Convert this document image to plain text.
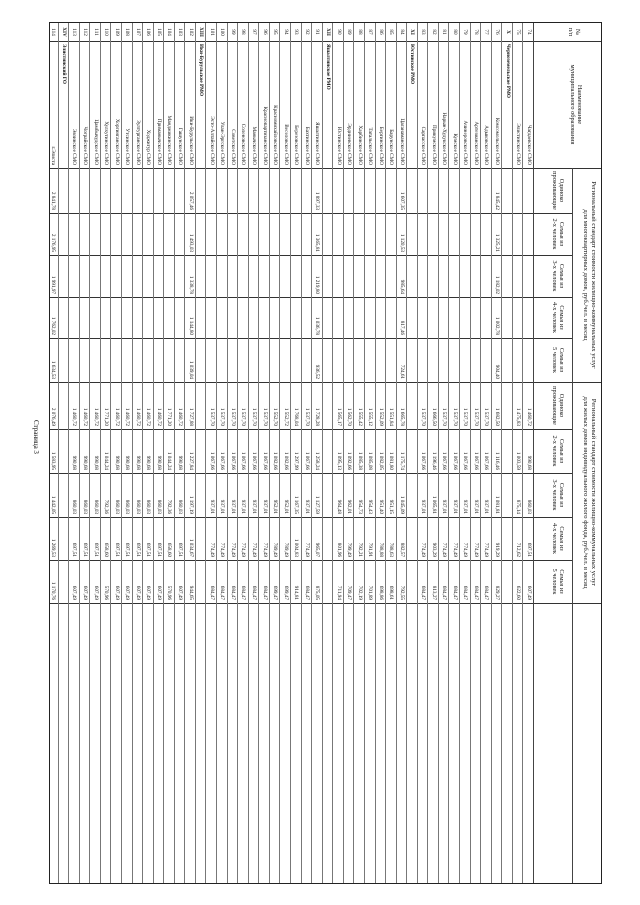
№
п/п
Наименование
муниципального образования
Региональный стандарт стоимости жилищно-коммунальных услуг
для многоквартирных домов, руб./чел. в месяц
Региональный стандарт стоимости жилищно-коммунальных услуг
для жилых домов индивидуального жилого фонда, руб./чел. в месяц
Одиноко
проживающие
Одиноко
проживающие
Семья из
2-х человек
Семья из
2-х человек
Семья из
3-х человек
Семья из
3-х человек
Семья из
4-х человек
Семья из
4-х человек
Семья из
5 человек
Семья из
5 человек
74
Чагдаевское СМО
1 460,72
990,68
860,03
697,51
607,49
75
Элистинское СМО
1 475,83
1 003,59
875,14
712,62
622,60
X
Черноземельское РМО
76
Комсомольское СМО
1 845,42
1 682,50
1 325,21
1 116,46
1 182,02
1 081,81
1 002,78
919,29
904,40
829,27
77
Адыковское СМО
1 537,70
1 067,66
937,01
774,49
684,47
78
Артезианское СМО
1 537,70
1 067,66
937,01
774,49
684,47
79
Ачинеровское СМО
1 537,70
1 067,66
937,01
774,49
684,47
80
Кумское СМО
1 537,70
1 067,66
937,01
774,49
684,47
81
Нарын-Худукское СМО
1 537,70
1 067,66
937,01
774,49
684,47
82
Прикумское СМО
1 666,50
1 196,46
1 065,81
903,29
813,27
83
Сарпасское СМО
1 537,70
1 067,66
937,01
774,49
684,47
XI
Юстинское РМО
84
Цаганаманское СМО
1 607,35
1 665,78
1 120,53
1 175,74
985,64
1 045,09
817,46
882,57
724,61
792,55
85
Барунское СМО
1 551,84
1 081,80
951,15
788,63
698,61
86
Бергинское СМО
1 552,09
1 082,05
951,40
788,88
698,86
87
Татальское СМО
1 555,12
1 085,08
954,43
791,91
701,89
88
Харбинское СМО
1 555,42
1 085,38
954,73
792,21
702,19
89
Эрдниевское СМО
1 562,70
1 092,66
962,01
799,49
709,47
90
Юстинское СМО
1 565,17
1 095,13
964,48
801,96
711,94
XII
Яшалтинское РМО
91
Яшалтинское СМО
1 897,33
1 728,28
1 365,81
1 258,24
1 219,80
1 127,59
1 036,78
965,07
936,52
875,05
92
Бахтинское СМО
1 537,70
1 067,66
937,01
774,49
684,47
93
Березовское СМО
1 768,04
1 297,99
1 167,35
1 004,83
914,81
94
Веселовское СМО
1 552,72
1 082,66
952,01
789,49
699,47
95
Красномихайловское СМО
1 552,70
1 082,66
952,01
789,49
699,47
96
Краснопартизанское СМО
1 537,70
1 067,66
937,01
774,49
684,47
97
Манычское СМО
1 537,70
1 067,66
937,01
774,49
684,47
98
Соленовское СМО
1 537,70
1 067,66
937,01
774,49
684,47
99
Советское СМО
1 537,70
1 067,66
937,01
774,49
684,47
100
Улан-Эргское СМО
1 537,70
1 067,66
937,01
774,49
684,47
101
Эсто-Алтайское СМО
1 537,70
1 067,66
937,01
774,49
684,47
XIII
Ики-Бурульское РМО
102
Ики-Бурульское СМО
2 057,46
1 727,88
1 493,03
1 227,84
1 338,78
1 197,19
1 144,80
1 034,67
1 039,04
944,65
103
Гашунское СМО
1 460,72
990,68
860,03
697,51
607,49
104
Манджикинское СМО
1 771,20
1 044,24
792,36
658,60
570,96
105
Приманычское СМО
1 460,72
990,68
860,03
697,51
607,49
106
Ходжигур СМО
1 460,72
990,68
860,03
697,51
607,49
107
Зултурганское СМО
1 460,72
990,68
860,03
697,51
607,49
108
Утсинское СМО
1 460,72
990,68
860,03
697,51
607,49
109
Хоргинганское СМО
1 460,72
990,68
860,03
697,51
607,49
110
Хулхутинское СМО
1 771,20
1 044,24
792,36
658,60
570,96
111
Цамбычудское СМО
1 460,72
990,68
860,03
697,51
607,49
112
Чограйское СМО
1 460,72
990,68
860,03
697,51
607,49
113
Эвзинское СМО
1 460,72
990,68
860,03
697,51
607,49
XIV
Элистинский ГО
114
г.Элиста
2 841,78
2 076,49
2 176,95
1 583,95
1 991,97
1 442,05
1 762,02
1 269,53
1 634,53
1 170,76
Страница 3
